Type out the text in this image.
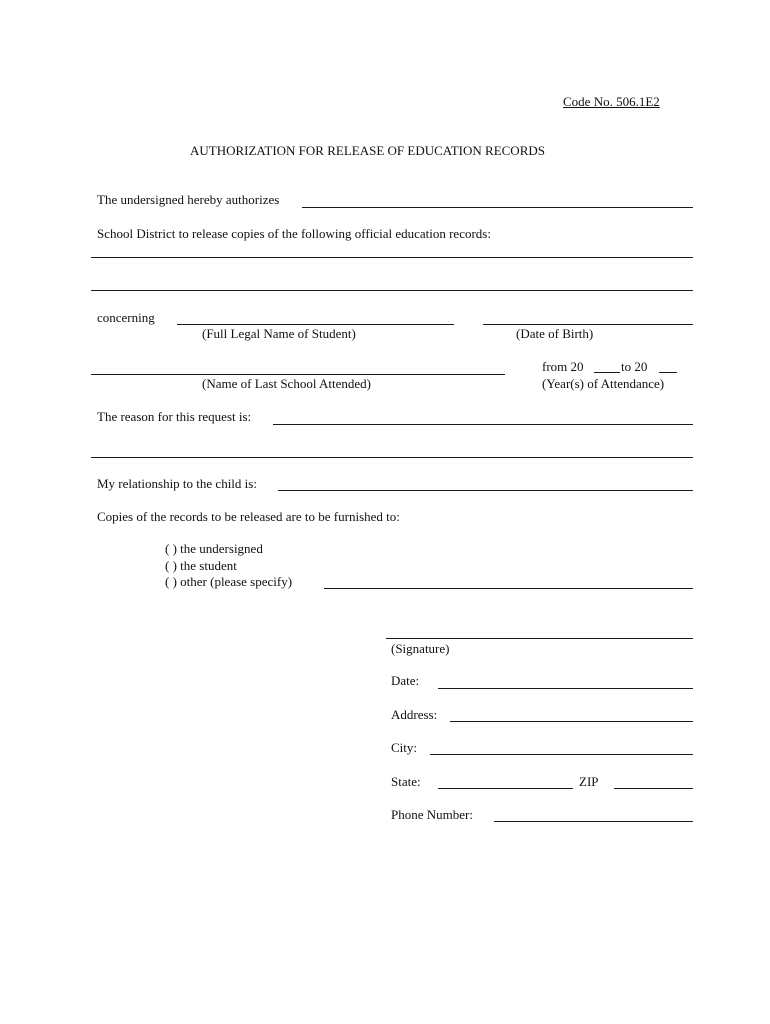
Code No. 506.1E2
AUTHORIZATION FOR RELEASE OF EDUCATION RECORDS
The undersigned hereby authorizes
School District to release copies of the following official education records:
concerning
(Full Legal Name of Student)	(Date of Birth)
from 20	to 20
(Name of Last School Attended)	(Year(s) of Attendance)
The reason for this request is:
My relationship to the child is:
Copies of the records to be released are to be furnished to:
( ) the undersigned
( ) the student
( ) other (please specify)
(Signature)
Date:
Address:
City:
State:	ZIP
Phone Number:
